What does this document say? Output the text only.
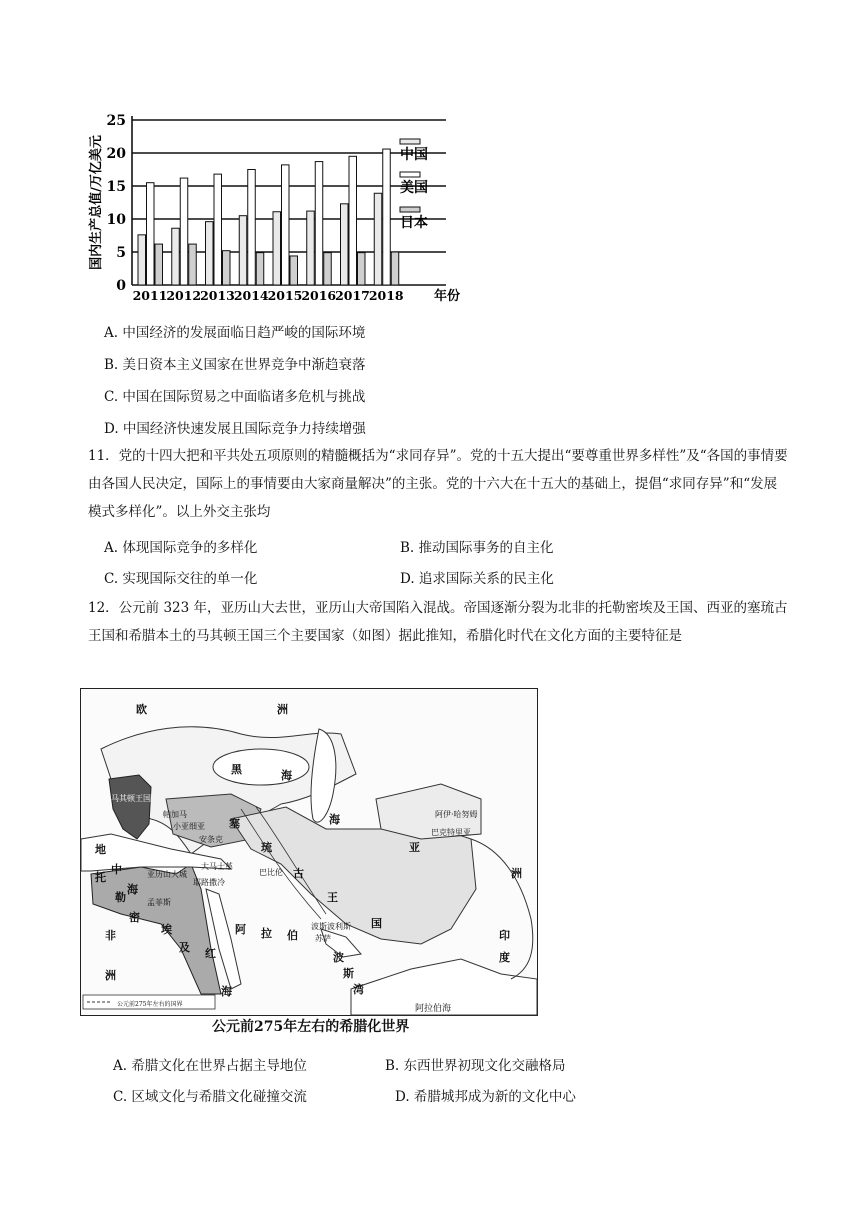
0
5
10
15
20
25
国内生产总值/万亿美元
2011
2012
2013
2014
2015
2016
2017
2018 年份
中国
美国
日本
A. 中国经济的发展面临日趋严峻的国际环境
B. 美日资本主义国家在世界竞争中渐趋衰落
C. 中国在国际贸易之中面临诸多危机与挑战
D. 中国经济快速发展且国际竞争力持续增强
11．党的十四大把和平共处五项原则的精髓概括为“求同存异”。党的十五大提出“要尊重世界多样性”及“各国的事情要由各国人民决定，国际上的事情要由大家商量解决”的主张。党的十六大在十五大的基础上，提倡“求同存异”和“发展模式多样化”。以上外交主张均
A. 体现国际竞争的多样化	B. 推动国际事务的自主化
C. 实现国际交往的单一化	D. 追求国际关系的民主化
12．公元前 323 年，亚历山大去世，亚历山大帝国陷入混战。帝国逐渐分裂为北非的托勒密埃及王国、西亚的塞琉古王国和希腊本土的马其顿王国三个主要国家（如图）据此推知，希腊化时代在文化方面的主要特征是
公元前275年左右的国界
欧	洲
黑	海
海
马其顿王国
帕加马
小亚细亚
地
中
海
塞
琉
古
王
国
亚
洲
安条克
大马士革
耶路撒冷
亚历山大城	巴比伦
波斯波利斯
苏萨
巴克特里亚
阿伊·哈努姆
孟菲斯
托
勒
密
埃
及
非
洲
阿 拉 伯
红
海
波
斯
湾
印
度
阿拉伯海
公元前275年左右的希腊化世界
A. 希腊文化在世界占据主导地位	B. 东西世界初现文化交融格局
C. 区域文化与希腊文化碰撞交流	D. 希腊城邦成为新的文化中心
